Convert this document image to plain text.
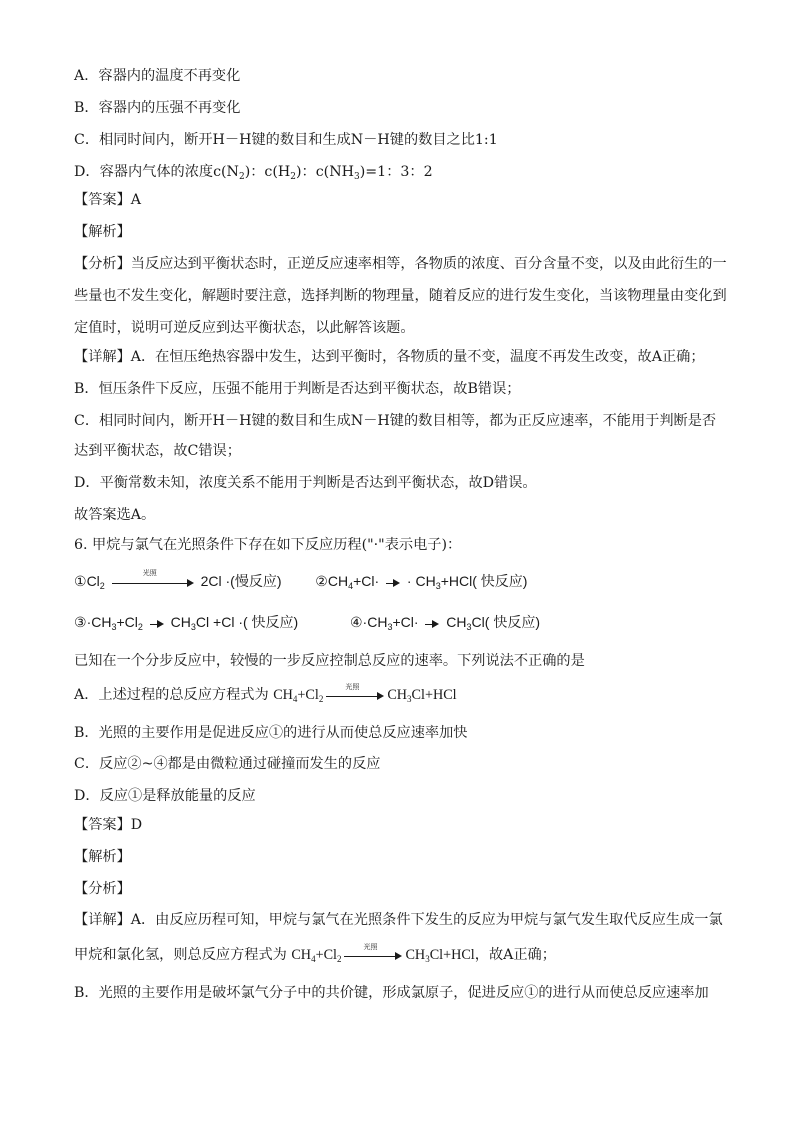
A．容器内的温度不再变化
B．容器内的压强不再变化
C．相同时间内，断开H－H键的数目和生成N－H键的数目之比1:1
D．容器内气体的浓度$c(N_2)$：$c(H_2)$：$c(NH_3)=1$：3：2
【答案】A
【解析】
【分析】当反应达到平衡状态时，正逆反应速率相等，各物质的浓度、百分含量不变，以及由此衍生的一
些量也不发生变化，解题时要注意，选择判断的物理量，随着反应的进行发生变化，当该物理量由变化到
定值时，说明可逆反应到达平衡状态，以此解答该题。
【详解】A．在恒压绝热容器中发生，达到平衡时，各物质的量不变，温度不再发生改变，故A正确；
B．恒压条件下反应，压强不能用于判断是否达到平衡状态，故B错误；
C．相同时间内，断开H－H键的数目和生成N－H键的数目相等，都为正反应速率，不能用于判断是否
达到平衡状态，故C错误；
D．平衡常数未知，浓度关系不能用于判断是否达到平衡状态，故D错误。
故答案选A。
6. 甲烷与氯气在光照条件下存在如下反应历程("·"表示电子)：
$①Cl_2$
光照	2Cl ·(慢反应) $②CH_4+Cl\cdot \cdot CH_3+HCl$( 快反应)
$③\cdot CH_3+Cl_2$ $CH_3Cl +Cl$ ·( 快反应)	$④\cdot CH_3+Cl\cdot CH_3Cl$( 快反应)
已知在一个分步反应中，较慢的一步反应控制总反应的速率。下列说法不正确的是
A．上述过程的总反应方程式为 $CH_4+Cl_2$
光照	$CH_3Cl+HCl$
B．光照的主要作用是促进反应①的进行从而使总反应速率加快
C．反应②~④都是由微粒通过碰撞而发生的反应
D．反应①是释放能量的反应
【答案】D
【解析】
【分析】
【详解】A．由反应历程可知，甲烷与氯气在光照条件下发生的反应为甲烷与氯气发生取代反应生成一氯
甲烷和氯化氢，则总反应方程式为 $CH_4+Cl_2$
光照	$CH_3Cl+HCl$，故A正确；
B．光照的主要作用是破坏氯气分子中的共价键，形成氯原子，促进反应①的进行从而使总反应速率加
